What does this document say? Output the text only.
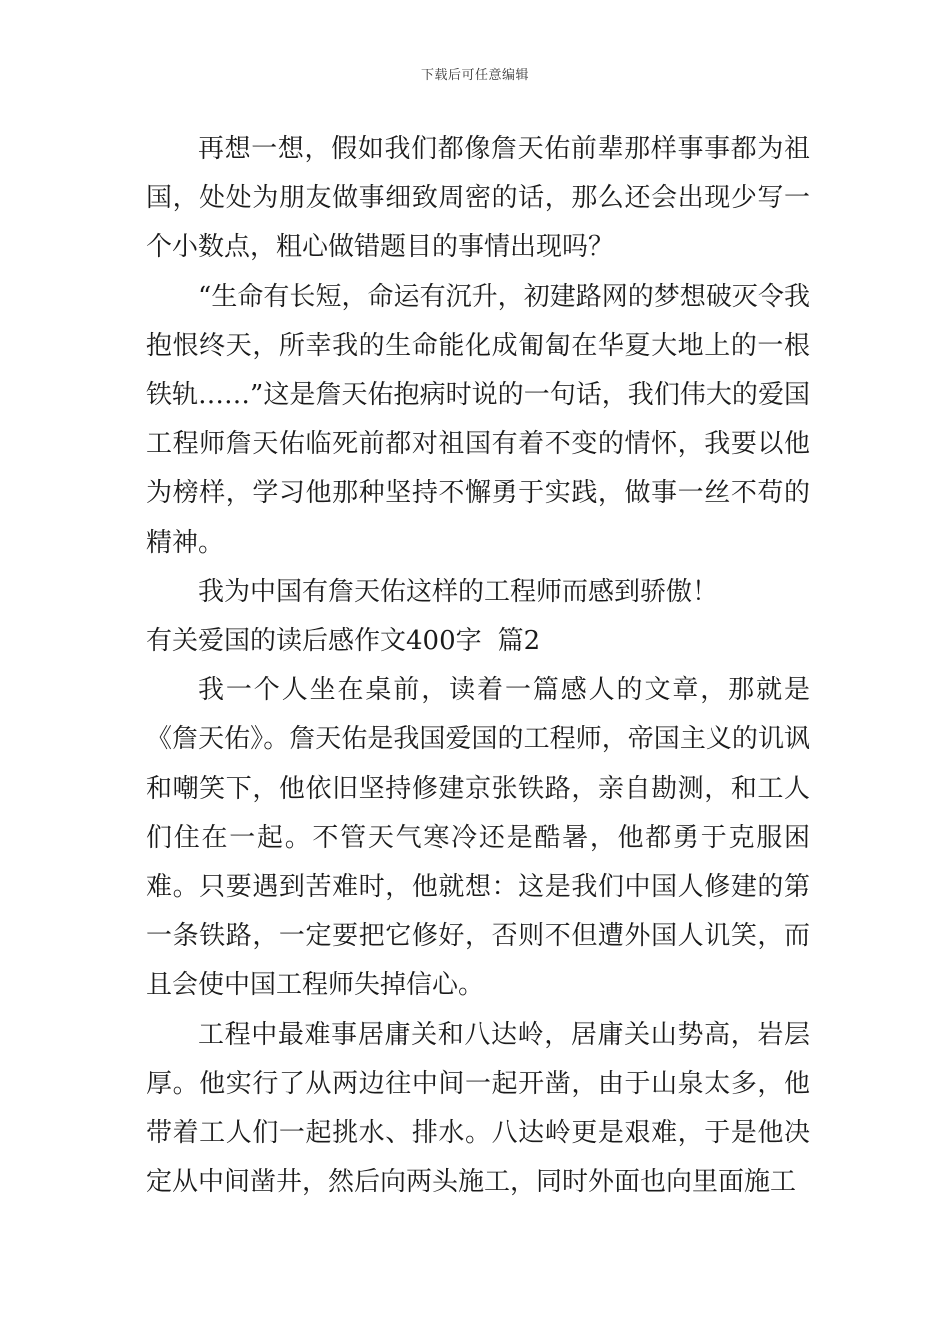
下载后可任意编辑

再想一想，假如我们都像詹天佑前辈那样事事都为祖国，处处为朋友做事细致周密的话，那么还会出现少写一个小数点，粗心做错题目的事情出现吗？

“生命有长短，命运有沉升，初建路网的梦想破灭令我抱恨终天，所幸我的生命能化成匍匐在华夏大地上的一根铁轨……”这是詹天佑抱病时说的一句话，我们伟大的爱国工程师詹天佑临死前都对祖国有着不变的情怀，我要以他为榜样，学习他那种坚持不懈勇于实践，做事一丝不苟的精神。

我为中国有詹天佑这样的工程师而感到骄傲！

有关爱国的读后感作文400字 篇2

我一个人坐在桌前，读着一篇感人的文章，那就是《詹天佑》。詹天佑是我国爱国的工程师，帝国主义的讥讽和嘲笑下，他依旧坚持修建京张铁路，亲自勘测，和工人们住在一起。不管天气寒冷还是酷暑，他都勇于克服困难。只要遇到苦难时，他就想：这是我们中国人修建的第一条铁路，一定要把它修好，否则不但遭外国人讥笑，而且会使中国工程师失掉信心。

工程中最难事居庸关和八达岭，居庸关山势高，岩层厚。他实行了从两边往中间一起开凿，由于山泉太多，他带着工人们一起挑水、排水。八达岭更是艰难，于是他决定从中间凿井，然后向两头施工，同时外面也向里面施工
